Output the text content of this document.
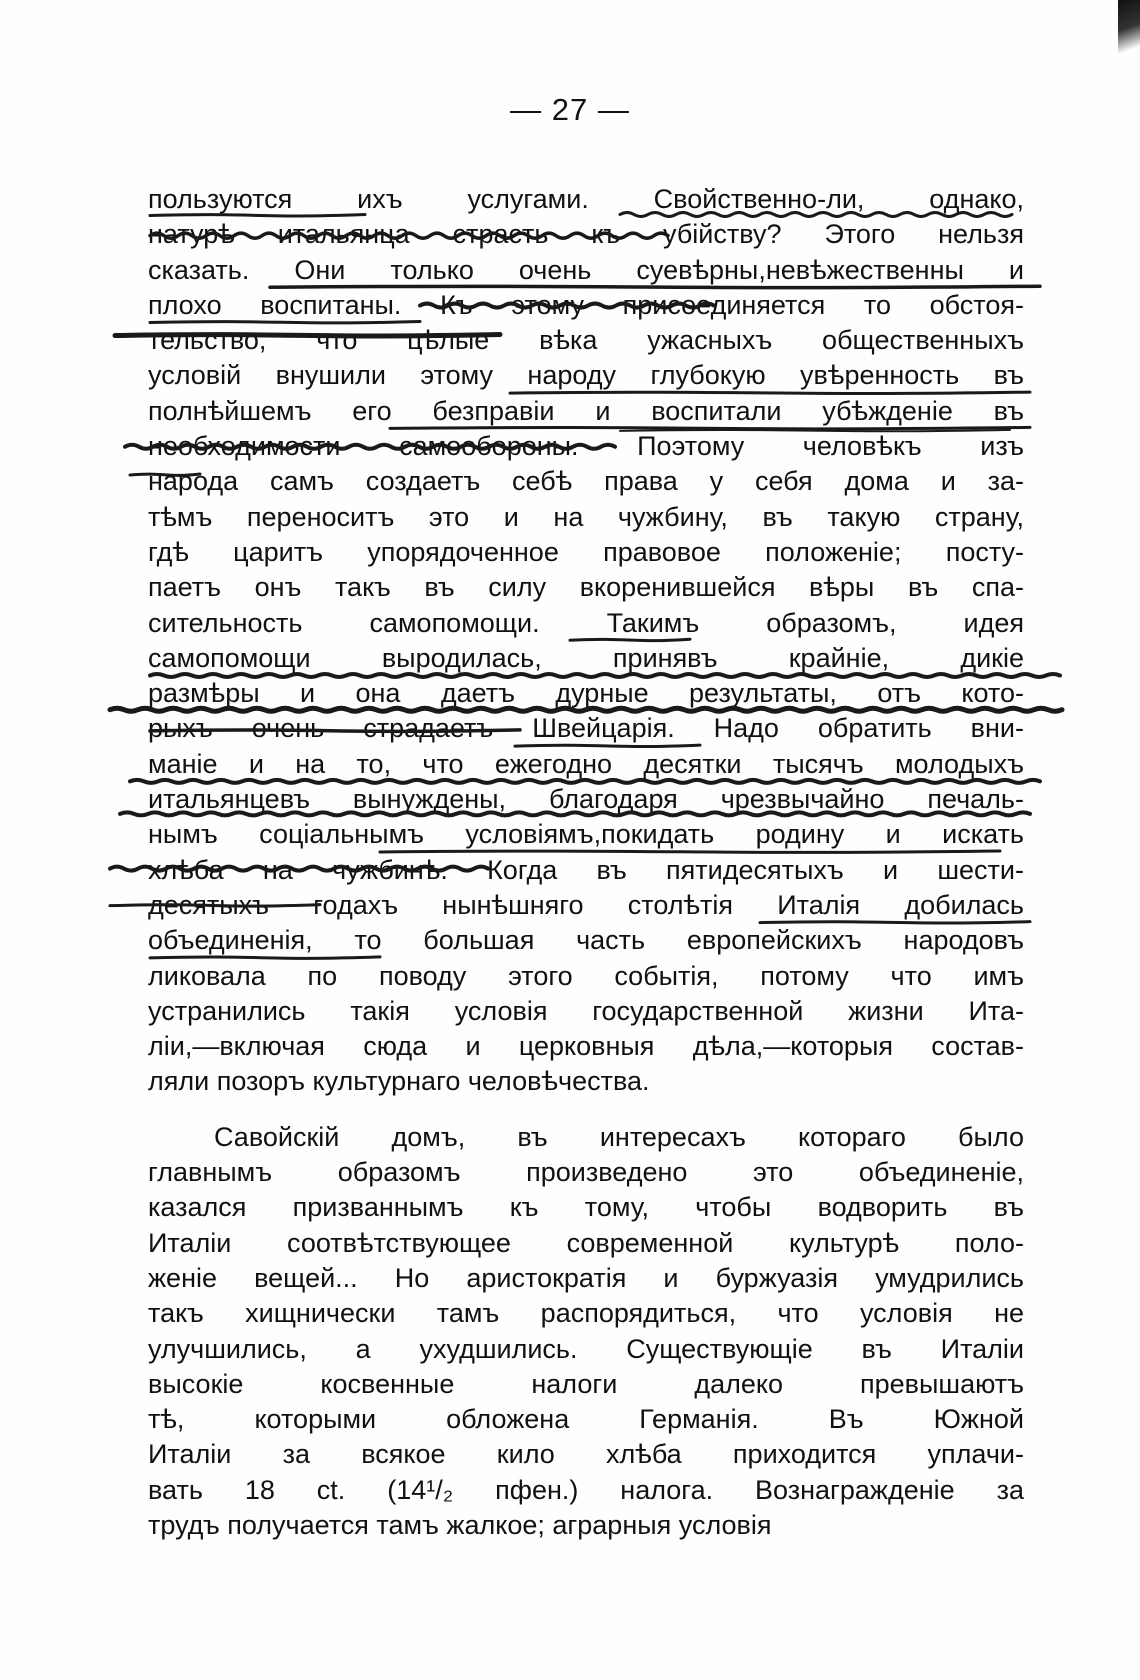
— 27 —
пользуются ихъ услугами. Свойственно-ли, однако,
натурѣ итальянца страсть къ убійству? Этого нельзя
сказать. Они только очень суевѣрны,невѣжественны и
плохо воспитаны. Къ этому присоединяется то обстоя-
тельство, что цѣлые вѣка ужасныхъ общественныхъ
условій внушили этому народу глубокую увѣренность въ
полнѣйшемъ его безправіи и воспитали убѣжденіе въ
необходимости самообороны. Поэтому человѣкъ изъ
народа самъ создаетъ себѣ права у себя дома и за-
тѣмъ переноситъ это и на чужбину, въ такую страну,
гдѣ царитъ упорядоченное правовое положеніе; посту-
паетъ онъ такъ въ силу вкоренившейся вѣры въ спа-
сительность самопомощи. Такимъ образомъ, идея
самопомощи выродилась, принявъ крайніе, дикіе
размѣры и она даетъ дурные результаты, отъ кото-
рыхъ очень страдаетъ Швейцарія. Надо обратить вни-
маніе и на то, что ежегодно десятки тысячъ молодыхъ
итальянцевъ вынуждены, благодаря чрезвычайно печаль-
нымъ соціальнымъ условіямъ,покидать родину и искать
хлѣба на чужбинѣ. Когда въ пятидесятыхъ и шести-
десятыхъ годахъ нынѣшняго столѣтія Италія добилась
объединенія, то большая часть европейскихъ народовъ
ликовала по поводу этого событія, потому что имъ
устранились такія условія государственной жизни Ита-
ліи,—включая сюда и церковныя дѣла,—которыя состав-
ляли позоръ культурнаго человѣчества.
Савойскій домъ, въ интересахъ котораго было
главнымъ образомъ произведено это объединеніе,
казался призваннымъ къ тому, чтобы водворить въ
Италіи соотвѣтствующее современной культурѣ поло-
женіе вещей... Но аристократія и буржуазія умудрились
такъ хищнически тамъ распорядиться, что условія не
улучшились, а ухудшились. Существующіе въ Италіи
высокіе косвенные налоги далеко превышаютъ
тѣ, которыми обложена Германія. Въ Южной
Италіи за всякое кило хлѣба приходится уплачи-
вать 18 ct. (14¹/₂ пфен.) налога. Вознагражденіе за
трудъ получается тамъ жалкое; аграрныя условія
